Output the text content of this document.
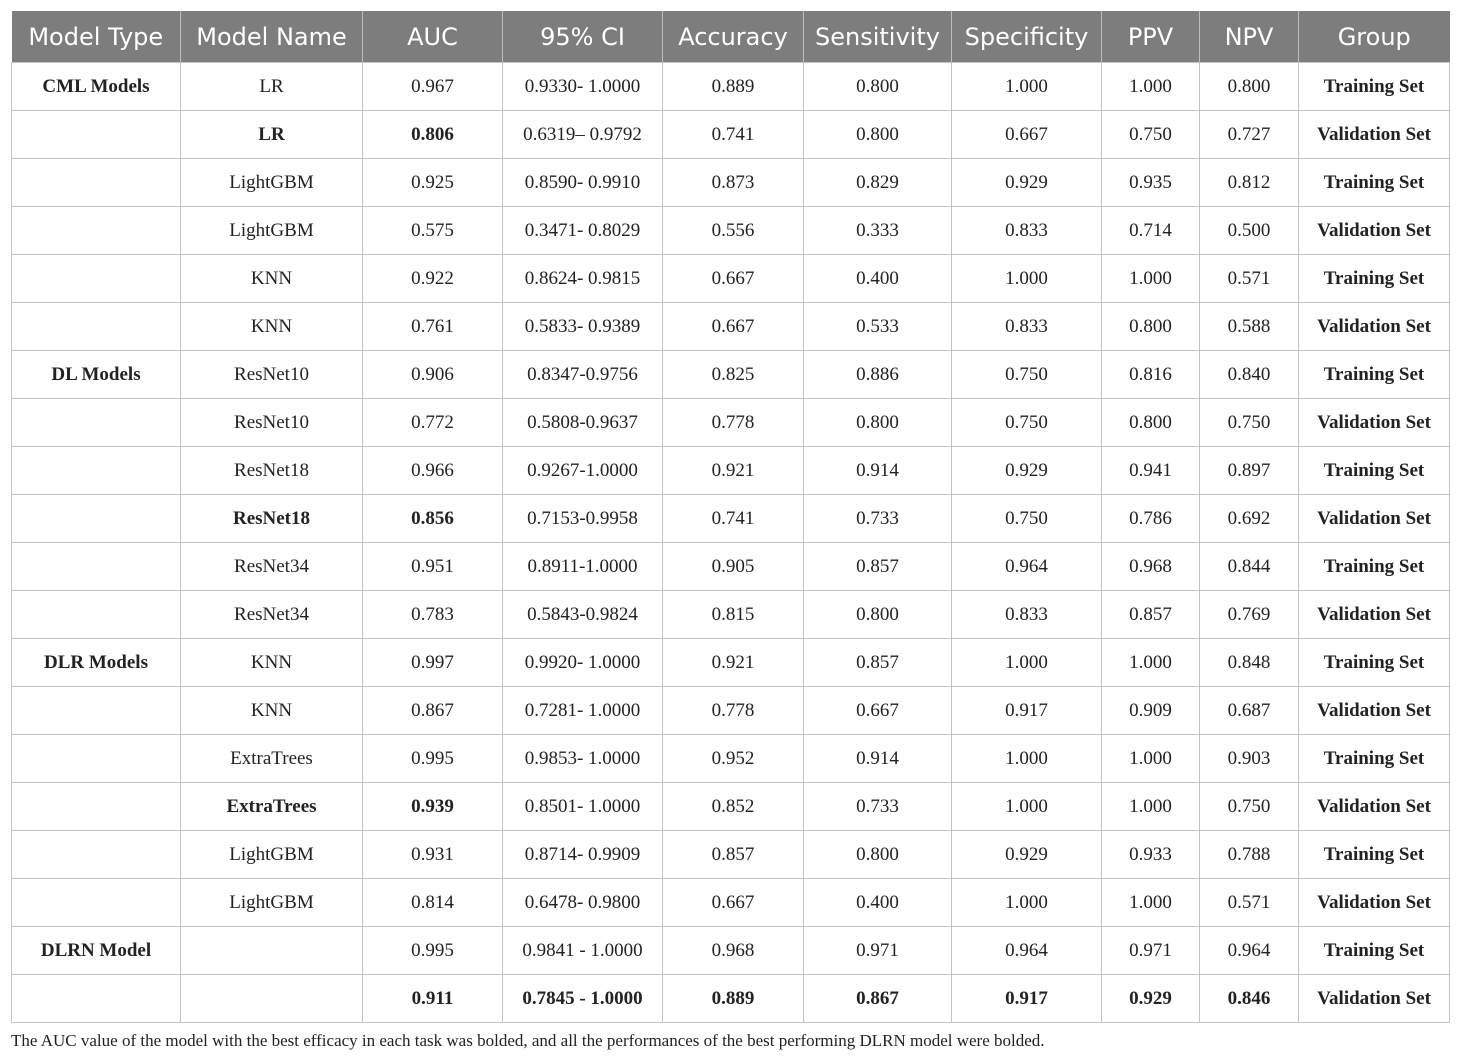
Model Type	Model Name	AUC	95% CI	Accuracy	Sensitivity	Specificity	PPV	NPV	Group
CML Models	LR	0.967	0.9330- 1.0000	0.889	0.800	1.000	1.000	0.800	Training Set
	LR	0.806	0.6319– 0.9792	0.741	0.800	0.667	0.750	0.727	Validation Set
	LightGBM	0.925	0.8590- 0.9910	0.873	0.829	0.929	0.935	0.812	Training Set
	LightGBM	0.575	0.3471- 0.8029	0.556	0.333	0.833	0.714	0.500	Validation Set
	KNN	0.922	0.8624- 0.9815	0.667	0.400	1.000	1.000	0.571	Training Set
	KNN	0.761	0.5833- 0.9389	0.667	0.533	0.833	0.800	0.588	Validation Set
DL Models	ResNet10	0.906	0.8347-0.9756	0.825	0.886	0.750	0.816	0.840	Training Set
	ResNet10	0.772	0.5808-0.9637	0.778	0.800	0.750	0.800	0.750	Validation Set
	ResNet18	0.966	0.9267-1.0000	0.921	0.914	0.929	0.941	0.897	Training Set
	ResNet18	0.856	0.7153-0.9958	0.741	0.733	0.750	0.786	0.692	Validation Set
	ResNet34	0.951	0.8911-1.0000	0.905	0.857	0.964	0.968	0.844	Training Set
	ResNet34	0.783	0.5843-0.9824	0.815	0.800	0.833	0.857	0.769	Validation Set
DLR Models	KNN	0.997	0.9920- 1.0000	0.921	0.857	1.000	1.000	0.848	Training Set
	KNN	0.867	0.7281- 1.0000	0.778	0.667	0.917	0.909	0.687	Validation Set
	ExtraTrees	0.995	0.9853- 1.0000	0.952	0.914	1.000	1.000	0.903	Training Set
	ExtraTrees	0.939	0.8501- 1.0000	0.852	0.733	1.000	1.000	0.750	Validation Set
	LightGBM	0.931	0.8714- 0.9909	0.857	0.800	0.929	0.933	0.788	Training Set
	LightGBM	0.814	0.6478- 0.9800	0.667	0.400	1.000	1.000	0.571	Validation Set
DLRN Model		0.995	0.9841 - 1.0000	0.968	0.971	0.964	0.971	0.964	Training Set
		0.911	0.7845 - 1.0000	0.889	0.867	0.917	0.929	0.846	Validation Set
The AUC value of the model with the best efficacy in each task was bolded, and all the performances of the best performing DLRN model were bolded.
